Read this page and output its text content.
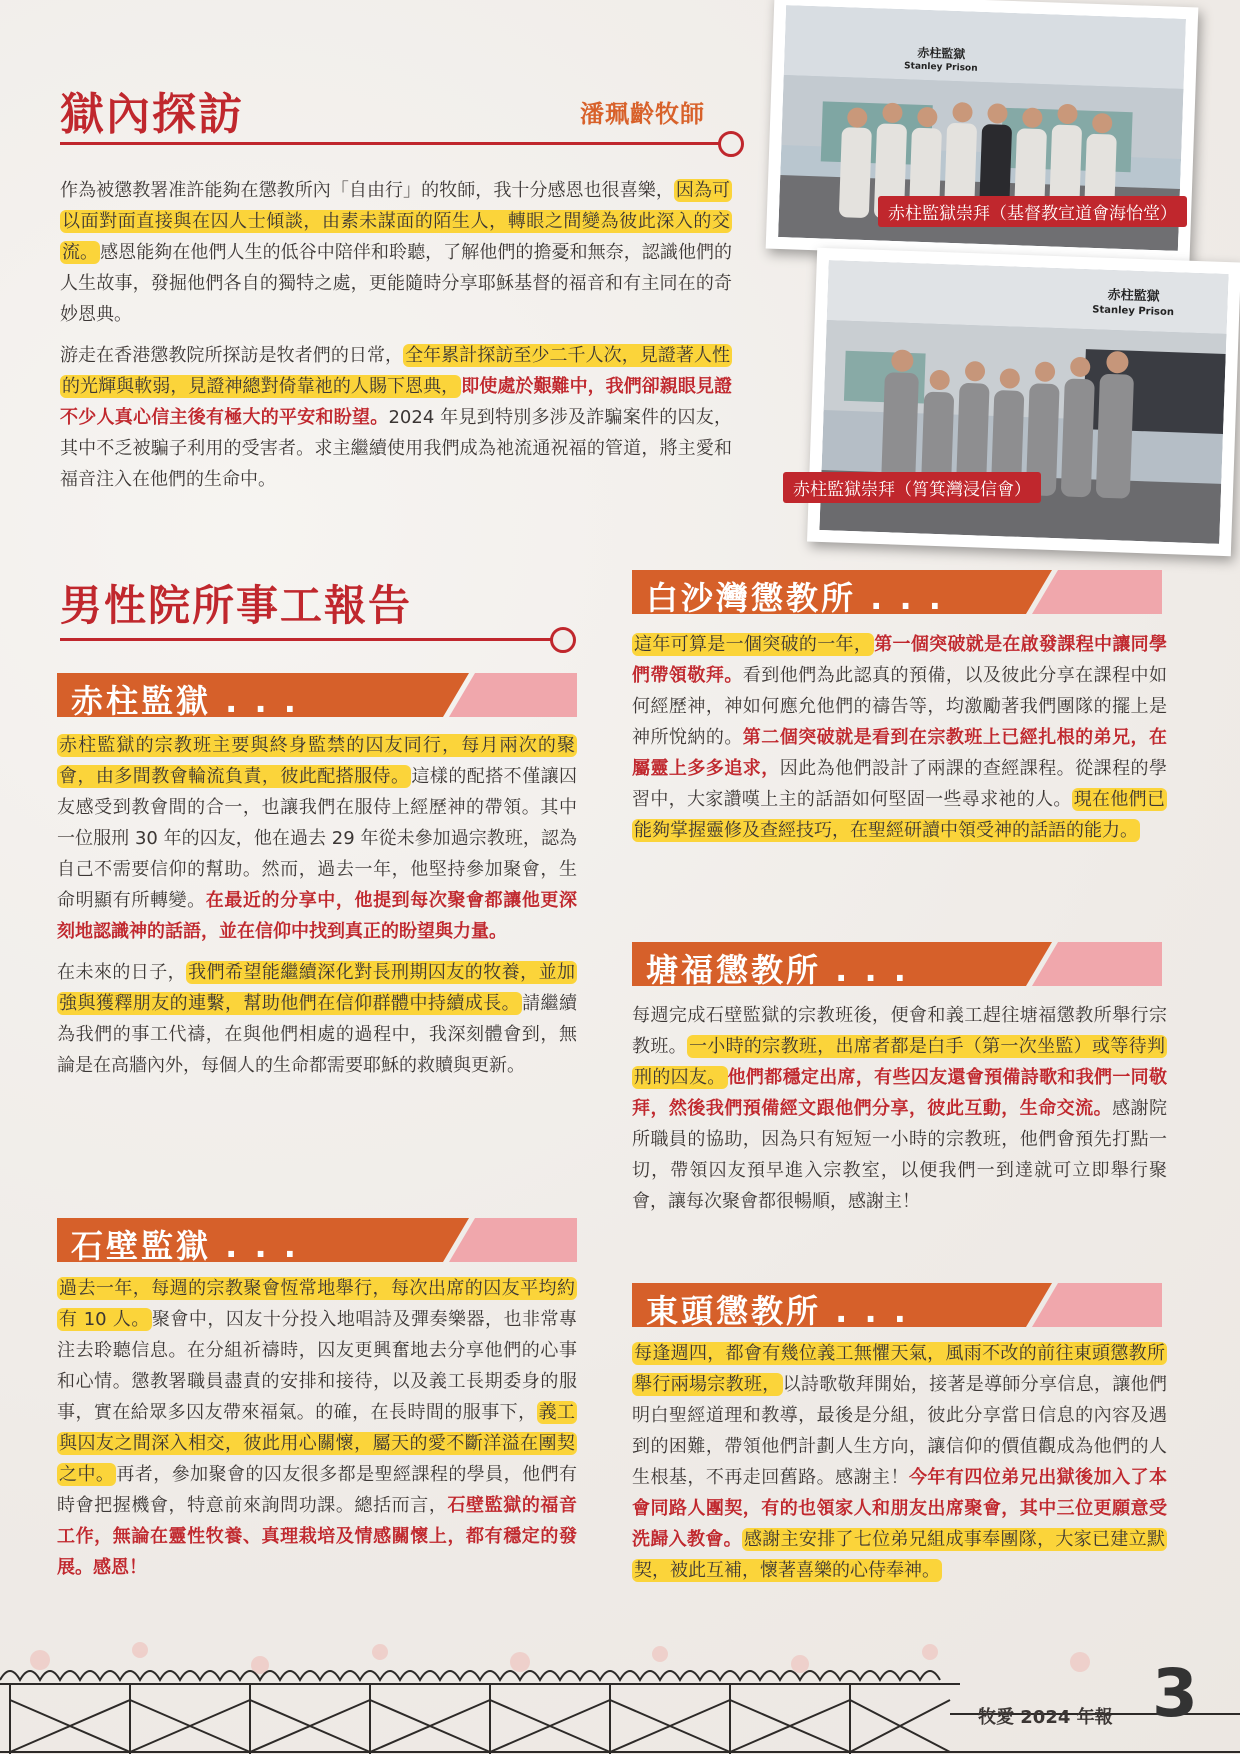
獄內探訪	潘珮齡牧師

作為被懲教署准許能夠在懲教所內「自由行」的牧師，我十分感恩也很喜樂， 因為可以面對面直接與在囚人士傾談，由素未謀面的陌生人，轉眼之間變為彼此深入的交流。 感恩能夠在他們人生的低谷中陪伴和聆聽，了解他們的擔憂和無奈，認識他們的人生故事，發掘他們各自的獨特之處，更能隨時分享耶穌基督的福音和有主同在的奇妙恩典。

游走在香港懲教院所探訪是牧者們的日常， 全年累計探訪至少二千人次，見證著人性的光輝與軟弱，見證神總對倚靠祂的人賜下恩典， 即使處於艱難中，我們卻親眼見證不少人真心信主後有極大的平安和盼望。2024 年見到特別多涉及詐騙案件的囚友，其中不乏被騙子利用的受害者。求主繼續使用我們成為祂流通祝福的管道，將主愛和福音注入在他們的生命中。

赤柱監獄
Stanley Prison
赤柱監獄崇拜（基督教宣道會海怡堂）
赤柱監獄
Stanley Prison
赤柱監獄崇拜（筲箕灣浸信會）
男性院所事工報告
赤柱監獄 . . .

赤柱監獄的宗教班主要與終身監禁的囚友同行，每月兩次的聚會，由多間教會輪流負責，彼此配搭服侍。 這樣的配搭不僅讓囚友感受到教會間的合一，也讓我們在服侍上經歷神的帶領。其中一位服刑 30 年的囚友，他在過去 29 年從未參加過宗教班，認為自己不需要信仰的幫助。然而，過去一年，他堅持參加聚會，生命明顯有所轉變。在最近的分享中，他提到每次聚會都讓他更深刻地認識神的話語，並在信仰中找到真正的盼望與力量。

在未來的日子， 我們希望能繼續深化對長刑期囚友的牧養，並加強與獲釋朋友的連繫，幫助他們在信仰群體中持續成長。 請繼續為我們的事工代禱，在與他們相處的過程中，我深刻體會到，無論是在高牆內外，每個人的生命都需要耶穌的救贖與更新。

石壁監獄 . . .

過去一年，每週的宗教聚會恆常地舉行，每次出席的囚友平均約有 10 人。 聚會中，囚友十分投入地唱詩及彈奏樂器，也非常專注去聆聽信息。在分組祈禱時，囚友更興奮地去分享他們的心事和心情。懲教署職員盡責的安排和接待，以及義工長期委身的服事，實在給眾多囚友帶來福氣。的確，在長時間的服事下， 義工與囚友之間深入相交，彼此用心關懷，屬天的愛不斷洋溢在團契之中。 再者，參加聚會的囚友很多都是聖經課程的學員，他們有時會把握機會，特意前來詢問功課。總括而言，石壁監獄的福音工作，無論在靈性牧養、真理栽培及情感關懷上，都有穩定的發展。感恩！

白沙灣懲教所 . . .

這年可算是一個突破的一年， 第一個突破就是在啟發課程中讓同學們帶領敬拜。看到他們為此認真的預備，以及彼此分享在課程中如何經歷神，神如何應允他們的禱告等，均激勵著我們團隊的擺上是神所悅納的。第二個突破就是看到在宗教班上已經扎根的弟兄，在屬靈上多多追求，因此為他們設計了兩課的查經課程。從課程的學習中，大家讚嘆上主的話語如何堅固一些尋求祂的人。 現在他們已能夠掌握靈修及查經技巧，在聖經研讀中領受神的話語的能力。

塘福懲教所 . . .

每週完成石壁監獄的宗教班後，便會和義工趕往塘福懲教所舉行宗教班。 一小時的宗教班，出席者都是白手（第一次坐監）或等待判刑的囚友。 他們都穩定出席，有些囚友還會預備詩歌和我們一同敬拜，然後我們預備經文跟他們分享，彼此互動，生命交流。感謝院所職員的協助，因為只有短短一小時的宗教班，他們會預先打點一切，帶領囚友預早進入宗教室，以便我們一到達就可立即舉行聚會，讓每次聚會都很暢順，感謝主！

東頭懲教所 . . .

每逢週四，都會有幾位義工無懼天氣，風雨不改的前往東頭懲教所舉行兩場宗教班， 以詩歌敬拜開始，接著是導師分享信息，讓他們明白聖經道理和教導，最後是分組，彼此分享當日信息的內容及遇到的困難，帶領他們計劃人生方向，讓信仰的價值觀成為他們的人生根基，不再走回舊路。感謝主！今年有四位弟兄出獄後加入了本會同路人團契，有的也領家人和朋友出席聚會，其中三位更願意受洗歸入教會。 感謝主安排了七位弟兄組成事奉團隊，大家已建立默契，被此互補，懷著喜樂的心侍奉神。

牧愛 2024 年報 3
